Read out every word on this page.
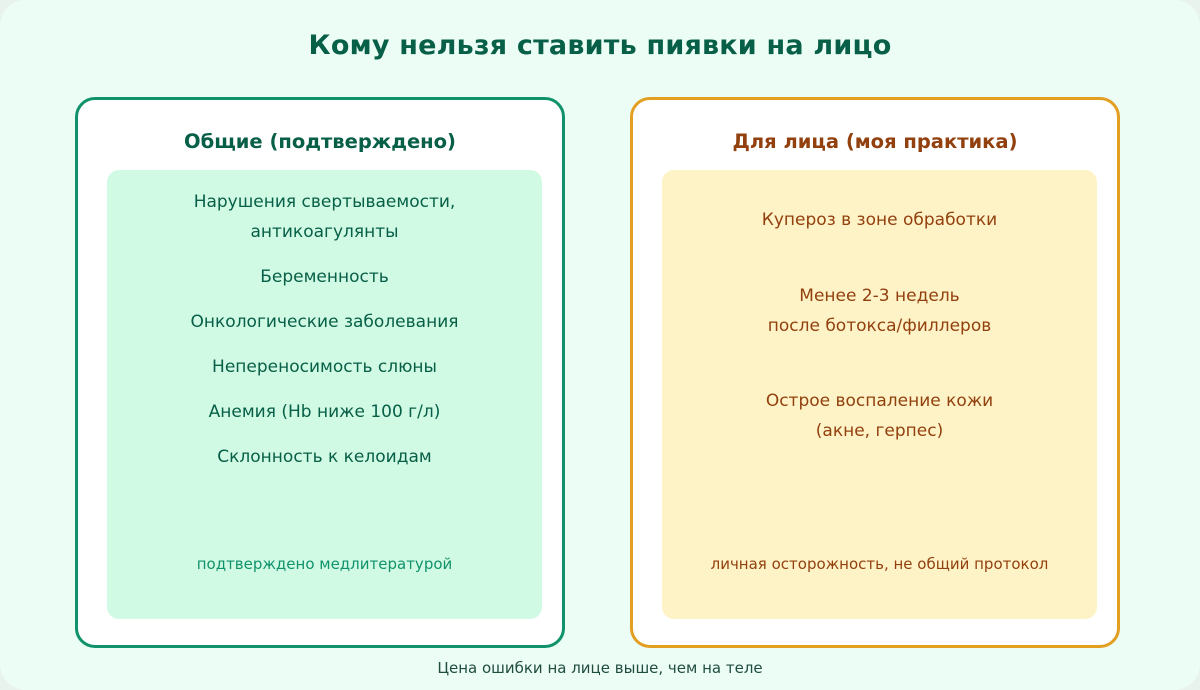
Кому нельзя ставить пиявки на лицо
Общие (подтверждено)
Нарушения свертываемости,
антикоагулянты
Беременность
Онкологические заболевания
Непереносимость слюны
Анемия (Hb ниже 100 г/л)
Склонность к келоидам
подтверждено медлитературой
Для лица (моя практика)
Купероз в зоне обработки
Менее 2-3 недель
после ботокса/филлеров
Острое воспаление кожи
(акне, герпес)
личная осторожность, не общий протокол
Цена ошибки на лице выше, чем на теле
